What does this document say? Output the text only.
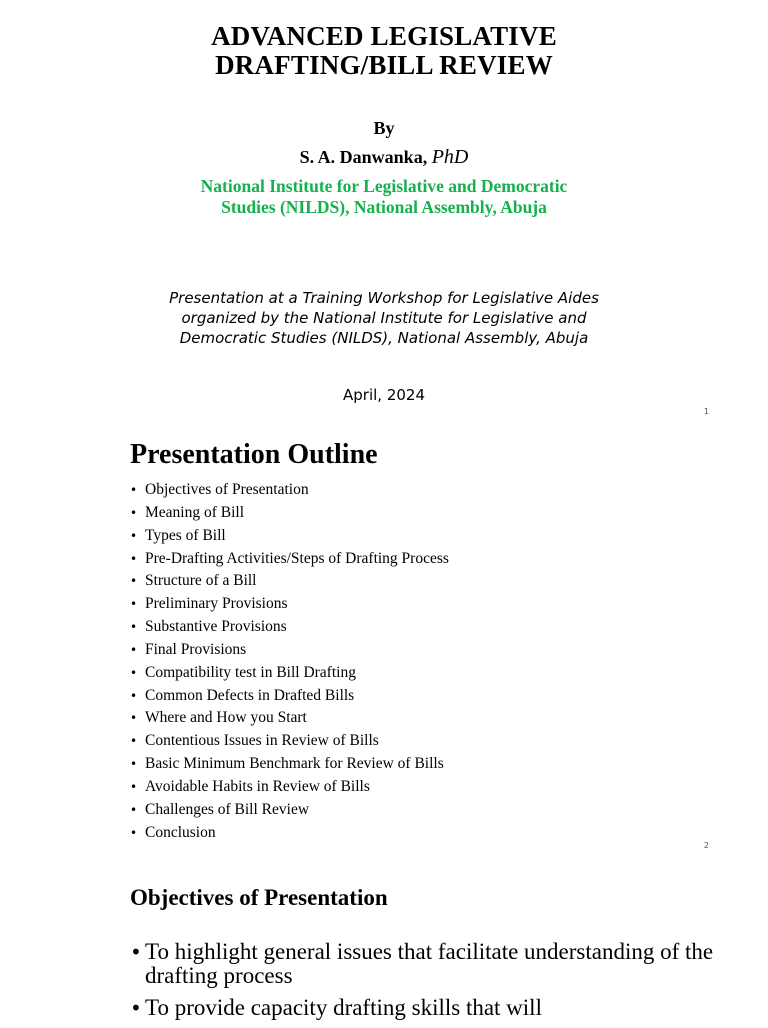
ADVANCED LEGISLATIVE
DRAFTING/BILL REVIEW
By
S. A. Danwanka, PhD
National Institute for Legislative and Democratic
Studies (NILDS), National Assembly, Abuja
Presentation at a Training Workshop for Legislative Aides
organized by the National Institute for Legislative and
Democratic Studies (NILDS), National Assembly, Abuja
April, 2024
1
Presentation Outline
• Objectives of Presentation
• Meaning of Bill
• Types of Bill
• Pre-Drafting Activities/Steps of Drafting Process
• Structure of a Bill
• Preliminary Provisions
• Substantive Provisions
• Final Provisions
• Compatibility test in Bill Drafting
• Common Defects in Drafted Bills
• Where and How you Start
• Contentious Issues in Review of Bills
• Basic Minimum Benchmark for Review of Bills
• Avoidable Habits in Review of Bills
• Challenges of Bill Review
• Conclusion
2
Objectives of Presentation
• To highlight general issues that facilitate understanding of the drafting process
• To provide capacity drafting skills that will
